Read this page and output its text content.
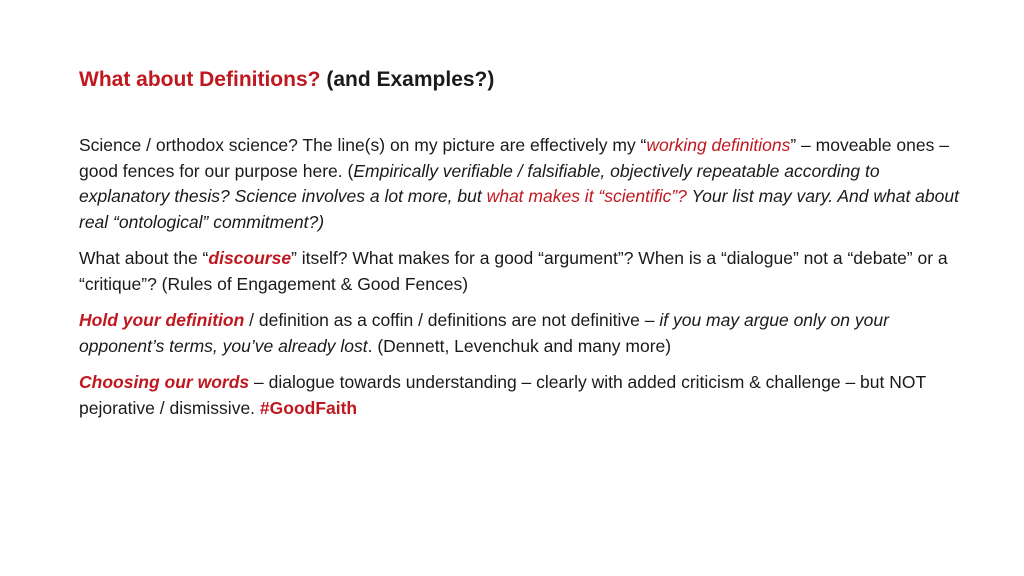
What about Definitions? (and Examples?)

Science / orthodox science? The line(s) on my picture are effectively my “working definitions” – moveable ones – good fences for our purpose here. (Empirically verifiable / falsifiable, objectively repeatable according to explanatory thesis? Science involves a lot more, but what makes it “scientific”? Your list may vary. And what about real “ontological” commitment?)

What about the “discourse” itself? What makes for a good “argument”? When is a “dialogue” not a “debate” or a “critique”? (Rules of Engagement & Good Fences)

Hold your definition / definition as a coffin / definitions are not definitive – if you may argue only on your opponent’s terms, you’ve already lost. (Dennett, Levenchuk and many more)

Choosing our words – dialogue towards understanding – clearly with added criticism & challenge – but NOT pejorative / dismissive. #GoodFaith
